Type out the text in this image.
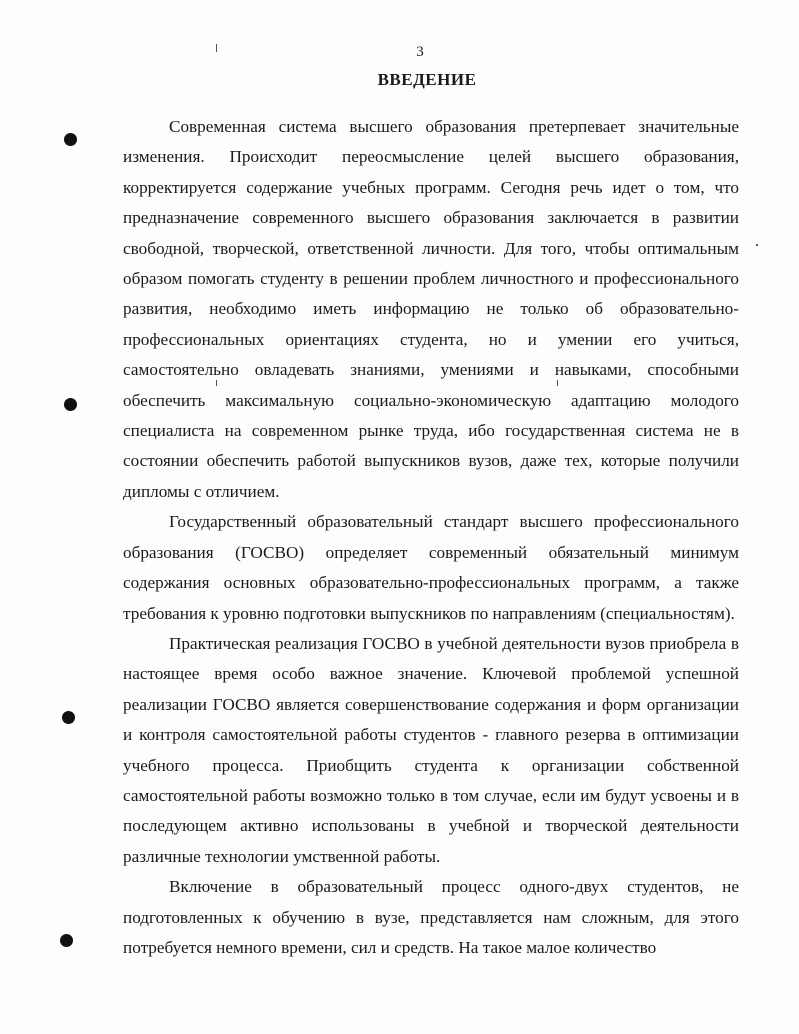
3
ВВЕДЕНИЕ

Современная система высшего образования претерпевает значительные изменения. Происходит переосмысление целей высшего образования, корректируется содержание учебных программ. Сегодня речь идет о том, что предназначение современного высшего образования заключается в развитии свободной, творческой, ответственной личности. Для того, чтобы оптимальным образом помогать студенту в решении проблем личностного и профессионального развития, необходимо иметь информацию не только об образовательно-профессиональных ориентациях студента, но и умении его учиться, самостоятельно овладевать знаниями, умениями и навыками, способными обеспечить максимальную социально-экономическую адаптацию молодого специалиста на современном рынке труда, ибо государственная система не в состоянии обеспечить работой выпускников вузов, даже тех, которые получили дипломы с отличием.

Государственный образовательный стандарт высшего профессионального образования (ГОСВО) определяет современный обязательный минимум содержания основных образовательно-профессиональных программ, а также требования к уровню подготовки выпускников по направлениям (специальностям).

Практическая реализация ГОСВО в учебной деятельности вузов приобрела в настоящее время особо важное значение. Ключевой проблемой успешной реализации ГОСВО является совершенствование содержания и форм организации и контроля самостоятельной работы студентов - главного резерва в оптимизации учебного процесса. Приобщить студента к организации собственной самостоятельной работы возможно только в том случае, если им будут усвоены и в последующем активно использованы в учебной и творческой деятельности различные технологии умственной работы.

Включение в образовательный процесс одного-двух студентов, не подготовленных к обучению в вузе, представляется нам сложным, для этого потребуется немного времени, сил и средств. На такое малое количество
